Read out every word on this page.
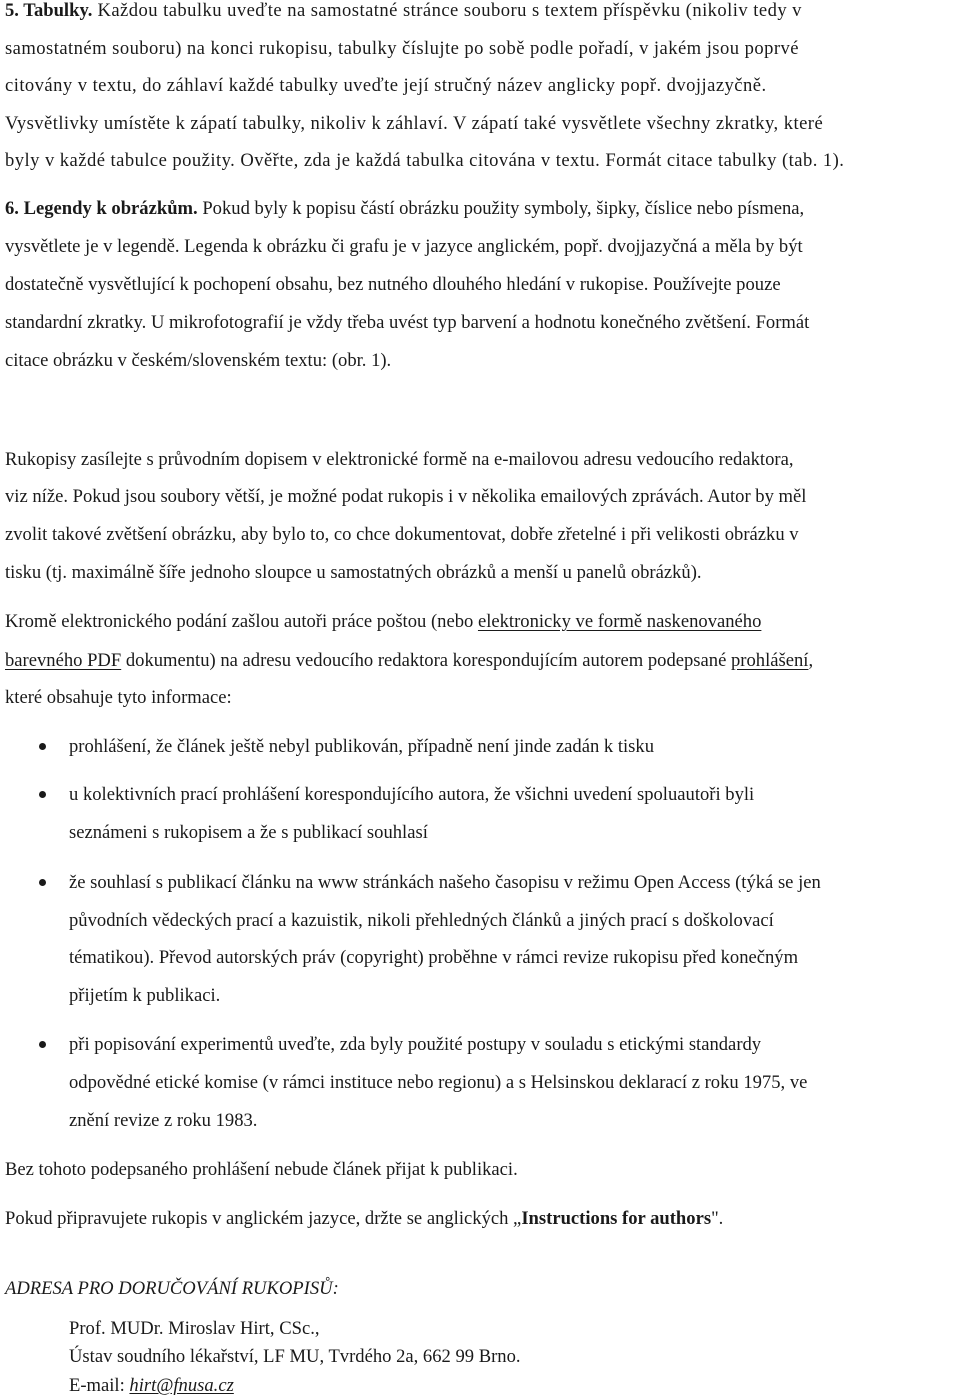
5. Tabulky. Každou tabulku uveďte na samostatné stránce souboru s textem příspěvku (nikoliv tedy v
samostatném souboru) na konci rukopisu, tabulky číslujte po sobě podle pořadí, v jakém jsou poprvé
citovány v textu, do záhlaví každé tabulky uveďte její stručný název anglicky popř. dvojjazyčně.
Vysvětlivky umístěte k zápatí tabulky, nikoliv k záhlaví. V zápatí také vysvětlete všechny zkratky, které
byly v každé tabulce použity. Ověřte, zda je každá tabulka citována v textu. Formát citace tabulky (tab. 1).
6. Legendy k obrázkům. Pokud byly k popisu částí obrázku použity symboly, šipky, číslice nebo písmena,
vysvětlete je v legendě. Legenda k obrázku či grafu je v jazyce anglickém, popř. dvojjazyčná a měla by být
dostatečně vysvětlující k pochopení obsahu, bez nutného dlouhého hledání v rukopise. Používejte pouze
standardní zkratky. U mikrofotografií je vždy třeba uvést typ barvení a hodnotu konečného zvětšení. Formát
citace obrázku v českém/slovenském textu: (obr. 1).
Rukopisy zasílejte s průvodním dopisem v elektronické formě na e-mailovou adresu vedoucího redaktora,
viz níže. Pokud jsou soubory větší, je možné podat rukopis i v několika emailových zprávách. Autor by měl
zvolit takové zvětšení obrázku, aby bylo to, co chce dokumentovat, dobře zřetelné i při velikosti obrázku v
tisku (tj. maximálně šíře jednoho sloupce u samostatných obrázků a menší u panelů obrázků).
Kromě elektronického podání zašlou autoři práce poštou (nebo elektronicky ve formě naskenovaného
barevného PDF dokumentu) na adresu vedoucího redaktora korespondujícím autorem podepsané prohlášení,
které obsahuje tyto informace:
prohlášení, že článek ještě nebyl publikován, případně není jinde zadán k tisku
u kolektivních prací prohlášení korespondujícího autora, že všichni uvedení spoluautoři byli
seznámeni s rukopisem a že s publikací souhlasí
že souhlasí s publikací článku na www stránkách našeho časopisu v režimu Open Access (týká se jen
původních vědeckých prací a kazuistik, nikoli přehledných článků a jiných prací s doškolovací
tématikou). Převod autorských práv (copyright) proběhne v rámci revize rukopisu před konečným
přijetím k publikaci.
při popisování experimentů uveďte, zda byly použité postupy v souladu s etickými standardy
odpovědné etické komise (v rámci instituce nebo regionu) a s Helsinskou deklarací z roku 1975, ve
znění revize z roku 1983.
Bez tohoto podepsaného prohlášení nebude článek přijat k publikaci.
Pokud připravujete rukopis v anglickém jazyce, držte se anglických „Instructions for authors".
ADRESA PRO DORUČOVÁNÍ RUKOPISŮ:
Prof. MUDr. Miroslav Hirt, CSc.,
Ústav soudního lékařství, LF MU, Tvrdého 2a, 662 99 Brno.
E-mail: hirt@fnusa.cz
